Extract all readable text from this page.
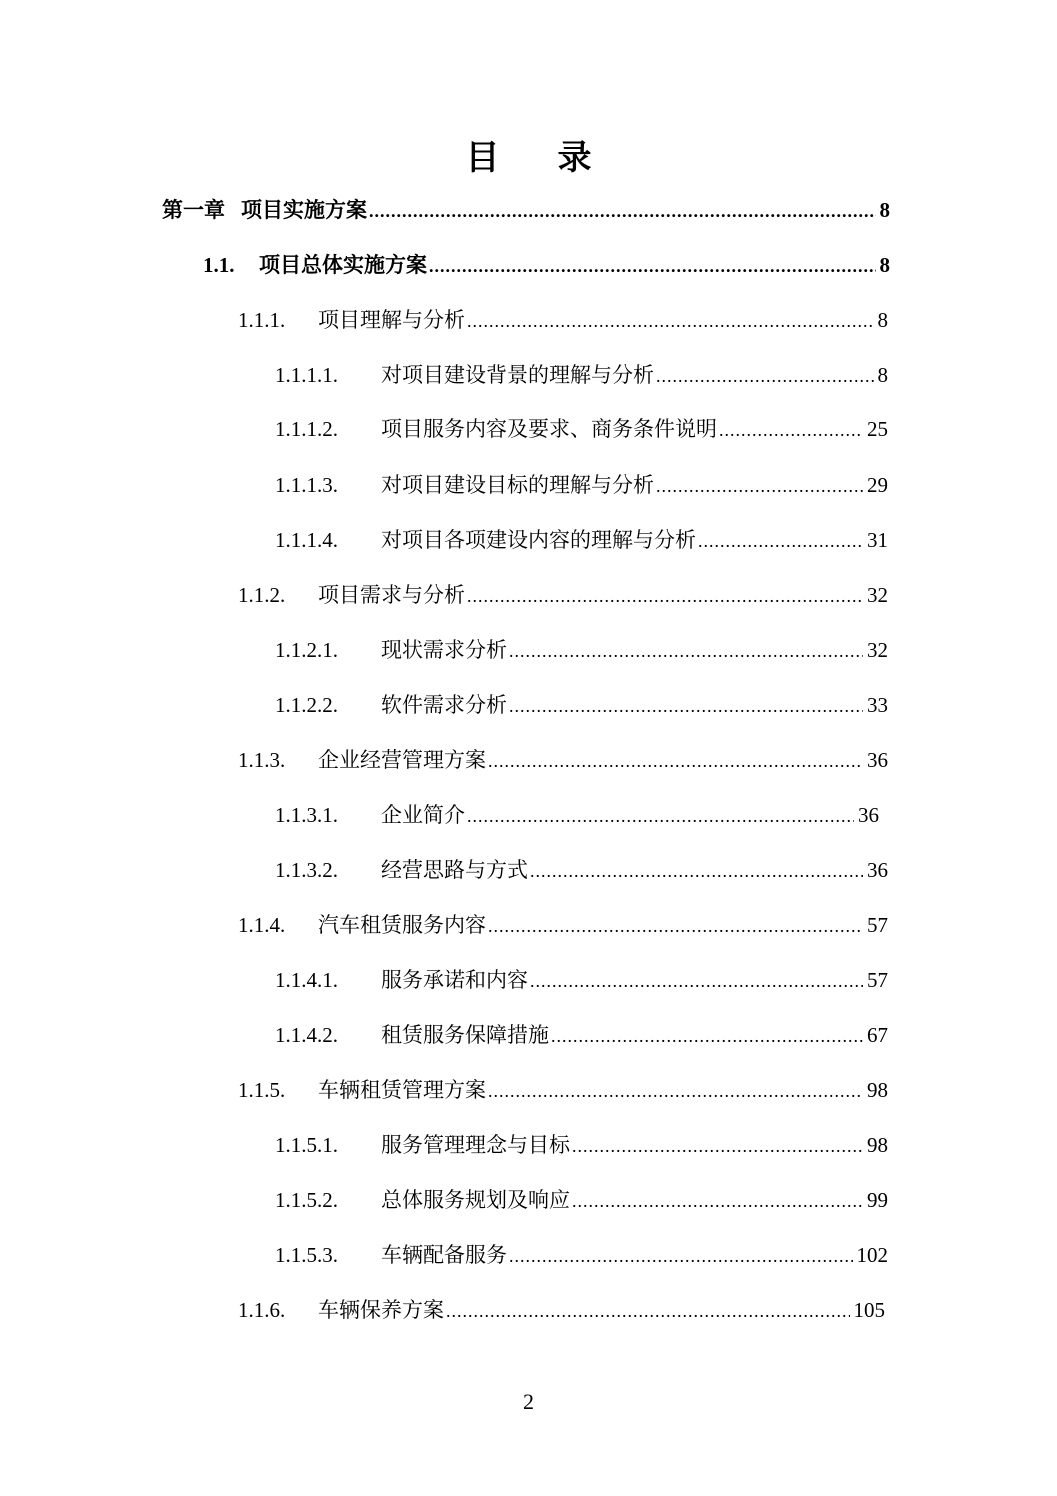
目录
第一章 项目实施方案 .....	8
1.1.	项目总体实施方案 .....	8
1.1.1.	项目理解与分析 .....	8
1.1.1.1.	对项目建设背景的理解与分析 .....	8
1.1.1.2.	项目服务内容及要求、商务条件说明 .....	25
1.1.1.3.	对项目建设目标的理解与分析 .....	29
1.1.1.4.	对项目各项建设内容的理解与分析 .....	31
1.1.2.	项目需求与分析 .....	32
1.1.2.1.	现状需求分析 .....	32
1.1.2.2.	软件需求分析 .....	33
1.1.3.	企业经营管理方案 .....	36
1.1.3.1.	企业简介 .....	36
1.1.3.2.	经营思路与方式 .....	36
1.1.4.	汽车租赁服务内容 .....	57
1.1.4.1.	服务承诺和内容 .....	57
1.1.4.2.	租赁服务保障措施 .....	67
1.1.5.	车辆租赁管理方案 .....	98
1.1.5.1.	服务管理理念与目标 .....	98
1.1.5.2.	总体服务规划及响应 .....	99
1.1.5.3.	车辆配备服务 .....	102
1.1.6.	车辆保养方案 .....	105
2
